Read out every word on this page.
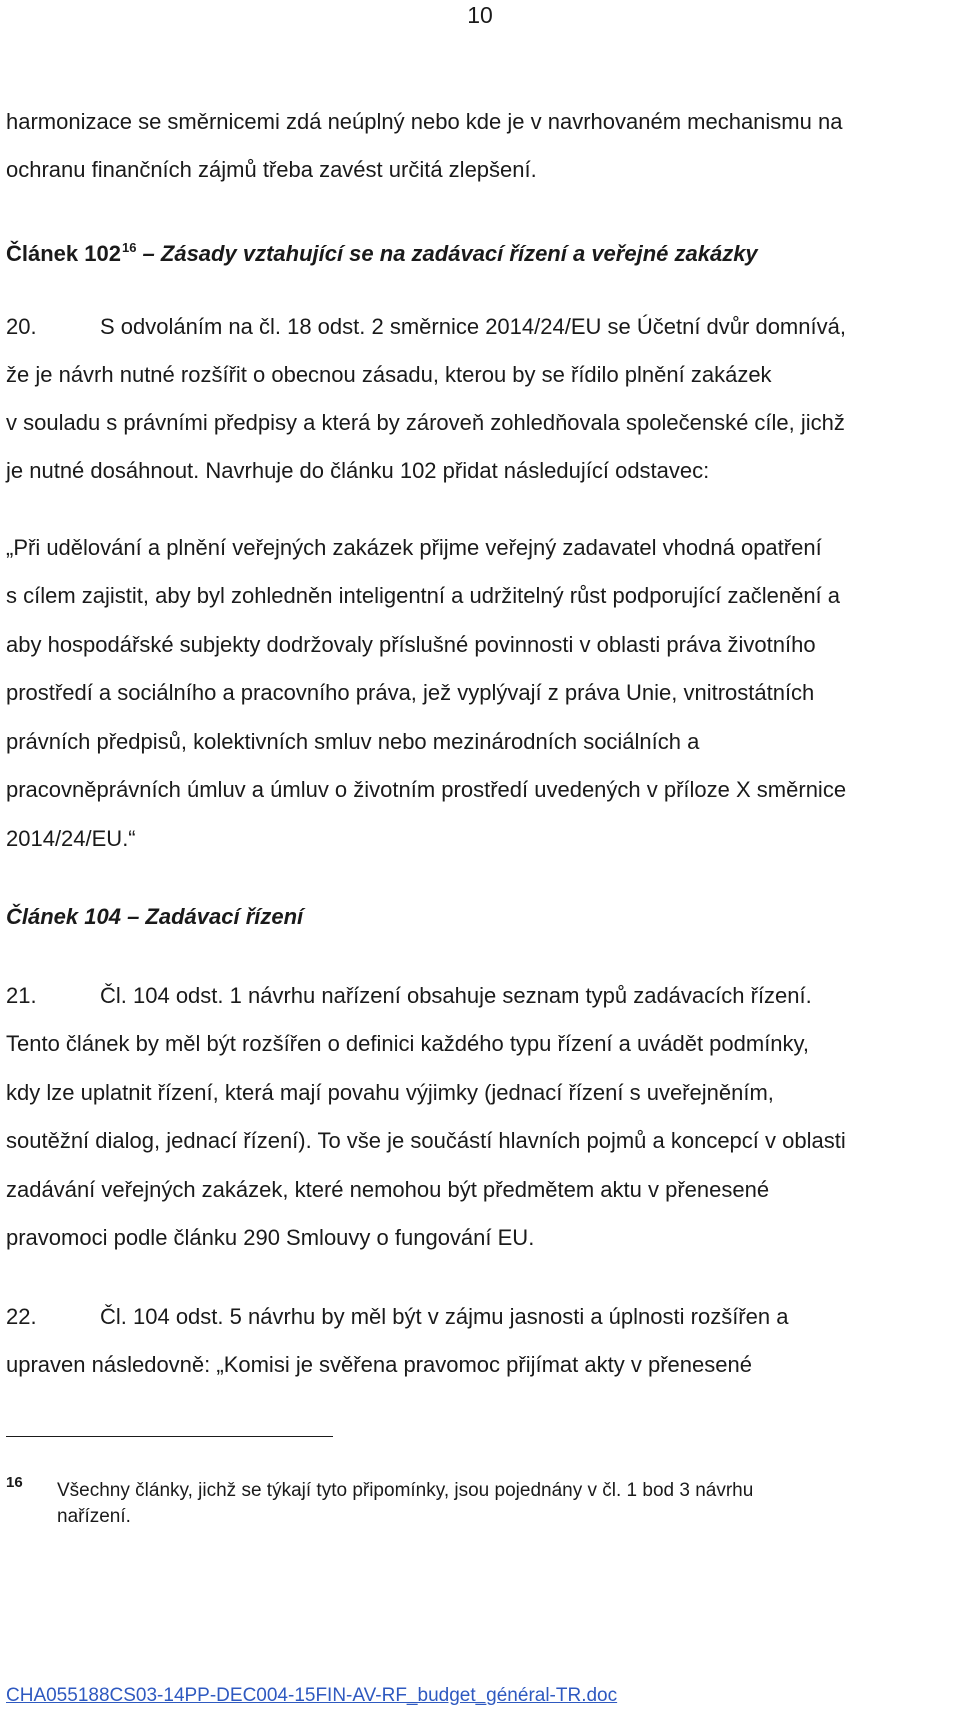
10
harmonizace se směrnicemi zdá neúplný nebo kde je v navrhovaném mechanismu na
ochranu finančních zájmů třeba zavést určitá zlepšení.
Článek $102^{16}$ – Zásady vztahující se na zadávací řízení a veřejné zakázky
20.	S odvoláním na čl. 18 odst. 2 směrnice 2014/24/EU se Účetní dvůr domnívá,
že je návrh nutné rozšířit o obecnou zásadu, kterou by se řídilo plnění zakázek
v souladu s právními předpisy a která by zároveň zohledňovala společenské cíle, jichž
je nutné dosáhnout. Navrhuje do článku 102 přidat následující odstavec:
„Při udělování a plnění veřejných zakázek přijme veřejný zadavatel vhodná opatření
s cílem zajistit, aby byl zohledněn inteligentní a udržitelný růst podporující začlenění a
aby hospodářské subjekty dodržovaly příslušné povinnosti v oblasti práva životního
prostředí a sociálního a pracovního práva, jež vyplývají z práva Unie, vnitrostátních
právních předpisů, kolektivních smluv nebo mezinárodních sociálních a
pracovněprávních úmluv a úmluv o životním prostředí uvedených v příloze X směrnice
2014/24/EU.“
Článek 104 – Zadávací řízení
21.	Čl. 104 odst. 1 návrhu nařízení obsahuje seznam typů zadávacích řízení.
Tento článek by měl být rozšířen o definici každého typu řízení a uvádět podmínky,
kdy lze uplatnit řízení, která mají povahu výjimky (jednací řízení s uveřejněním,
soutěžní dialog, jednací řízení). To vše je součástí hlavních pojmů a koncepcí v oblasti
zadávání veřejných zakázek, které nemohou být předmětem aktu v přenesené
pravomoci podle článku 290 Smlouvy o fungování EU.
22.	Čl. 104 odst. 5 návrhu by měl být v zájmu jasnosti a úplnosti rozšířen a
upraven následovně: „Komisi je svěřena pravomoc přijímat akty v přenesené
16 Všechny články, jichž se týkají tyto připomínky, jsou pojednány v čl. 1 bod 3 návrhu
nařízení.
CHA055188CS03-14PP-DEC004-15FIN-AV-RF_budget_général-TR.doc
